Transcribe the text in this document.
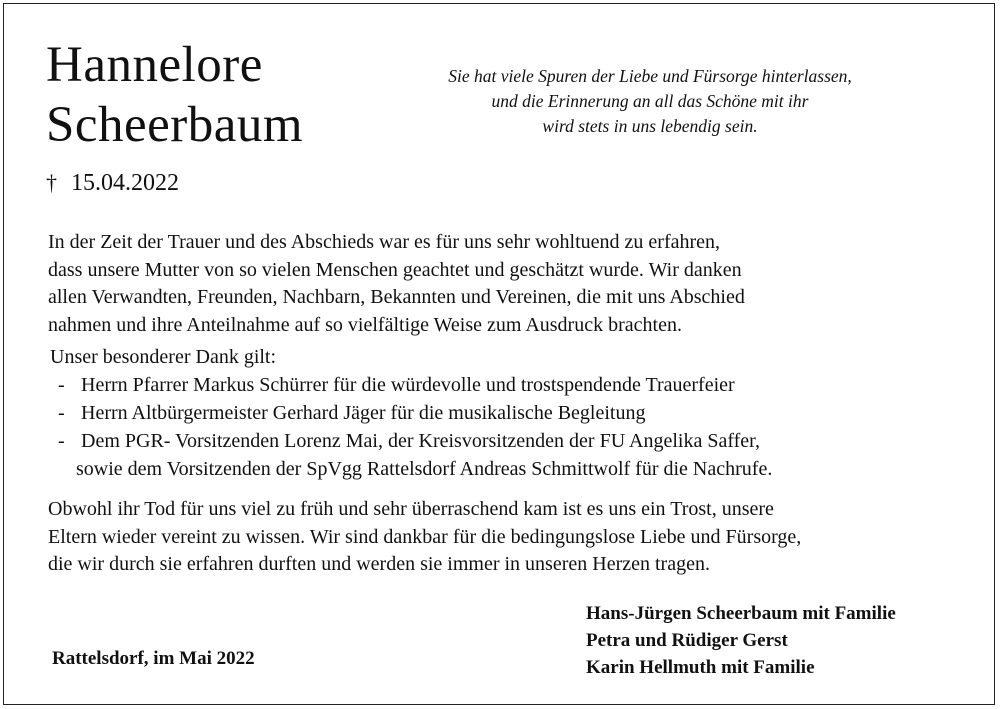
Hannelore
Scheerbaum
Sie hat viele Spuren der Liebe und Fürsorge hinterlassen,
und die Erinnerung an all das Schöne mit ihr
wird stets in uns lebendig sein.
† 15.04.2022
In der Zeit der Trauer und des Abschieds war es für uns sehr wohltuend zu erfahren,
dass unsere Mutter von so vielen Menschen geachtet und geschätzt wurde. Wir danken
allen Verwandten, Freunden, Nachbarn, Bekannten und Vereinen, die mit uns Abschied
nahmen und ihre Anteilnahme auf so vielfältige Weise zum Ausdruck brachten.
Unser besonderer Dank gilt:
- Herrn Pfarrer Markus Schürrer für die würdevolle und trostspendende Trauerfeier
- Herrn Altbürgermeister Gerhard Jäger für die musikalische Begleitung
- Dem PGR- Vorsitzenden Lorenz Mai, der Kreisvorsitzenden der FU Angelika Saffer,
sowie dem Vorsitzenden der SpVgg Rattelsdorf Andreas Schmittwolf für die Nachrufe.
Obwohl ihr Tod für uns viel zu früh und sehr überraschend kam ist es uns ein Trost, unsere
Eltern wieder vereint zu wissen. Wir sind dankbar für die bedingungslose Liebe und Fürsorge,
die wir durch sie erfahren durften und werden sie immer in unseren Herzen tragen.
Rattelsdorf, im Mai 2022
Hans-Jürgen Scheerbaum mit Familie
Petra und Rüdiger Gerst
Karin Hellmuth mit Familie
